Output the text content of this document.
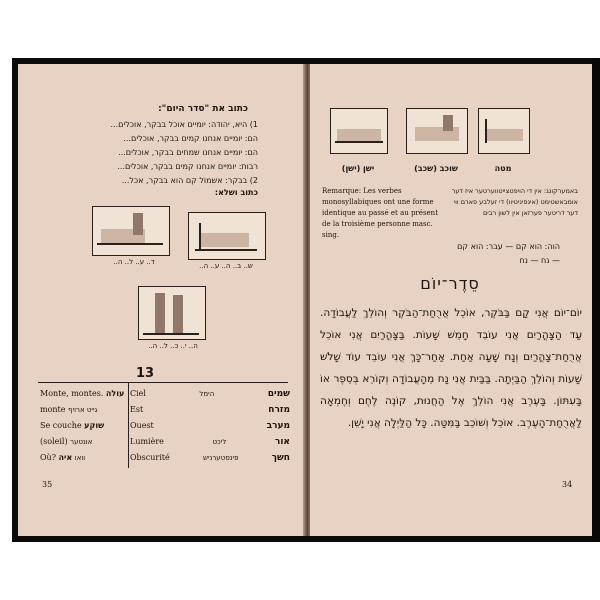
כתוב את "סדר היום":
1) היא, יהודה: יומיים אוכל בבקר, אוכלים...
הם: יומיים אנחנו קמים בבקר, אוכלים...
הם: יומיים אנחנו שמחים בבקר, אוכלים...
רבות: יומיים אנחנו קמים בבקר, אוכלים...
2) בבקר: אשמוֹל קם הוא בבקר, אכל...
כתוב ושלא:
ד.. ע.. ל.. ה..	ש.. ב.. ה.. ע.. ה..
ה.. י.. כ.. ל.. ה..
13
Ciel	הימל	שמים
Est	מזרח
Ouest	מערב
Lumière	ליכט	אור
Obscurité	פינסטערניש	חשך
Monte, montes. עולה
monte גייט ארויף
Se couche שוקע
(soleil) אונטער
Où?	וואו איה
35
ישן (ישן)	שוכב (שכב)	מטה
Remarque: Les verbes monosyllabiques ont une forme identique au passé et au présent de la troisième personne masc. sing.
באמערקונג: אין די הויפטצייטווערטער איז דער אומבאשטימט (אינפיניטיוו) די זעלבע פארם ווי דער דריטער פערזאן אין לשון רבים
הוה: הוא קם — עבר: הוא קם
— נח — נח
סֵדֶר־יוֹם
יוֹם־יוֹם אֲנִי קָם בַּבֹּקֶר, אוֹכֵל אֲרֻחַת־הַבֹּקֶר וְהוֹלֵךְ לַעֲבוֹדָה. עַד הַצָּהֳרַיִם אֲנִי עוֹבֵד חָמֵשׁ שָׁעוֹת. בַּצָּהֳרַיִם אֲנִי אוֹכֵל אֲרֻחַת־צָהֳרַיִם וְנָח שָׁעָה אַחַת. אַחַר־כָּךְ אֲנִי עוֹבֵד עוֹד שָׁלֹשׁ שָׁעוֹת וְהוֹלֵךְ הַבַּיְתָה. בַּבַּיִת אֲנִי נָח מֵהָעֲבוֹדָה וְקוֹרֵא בְּסֵפֶר אוֹ בָּעִתּוֹן. בָּעֶרֶב אֲנִי הוֹלֵךְ אֶל הַחֲנוּת, קוֹנֶה לֶחֶם וְחֶמְאָה לַאֲרֻחַת־הָעֶרֶב. אוֹכֵל וְשׁוֹכֵב בַּמִּטָּה. כָּל הַלַּיְלָה אֲנִי יָשֵׁן.
34
